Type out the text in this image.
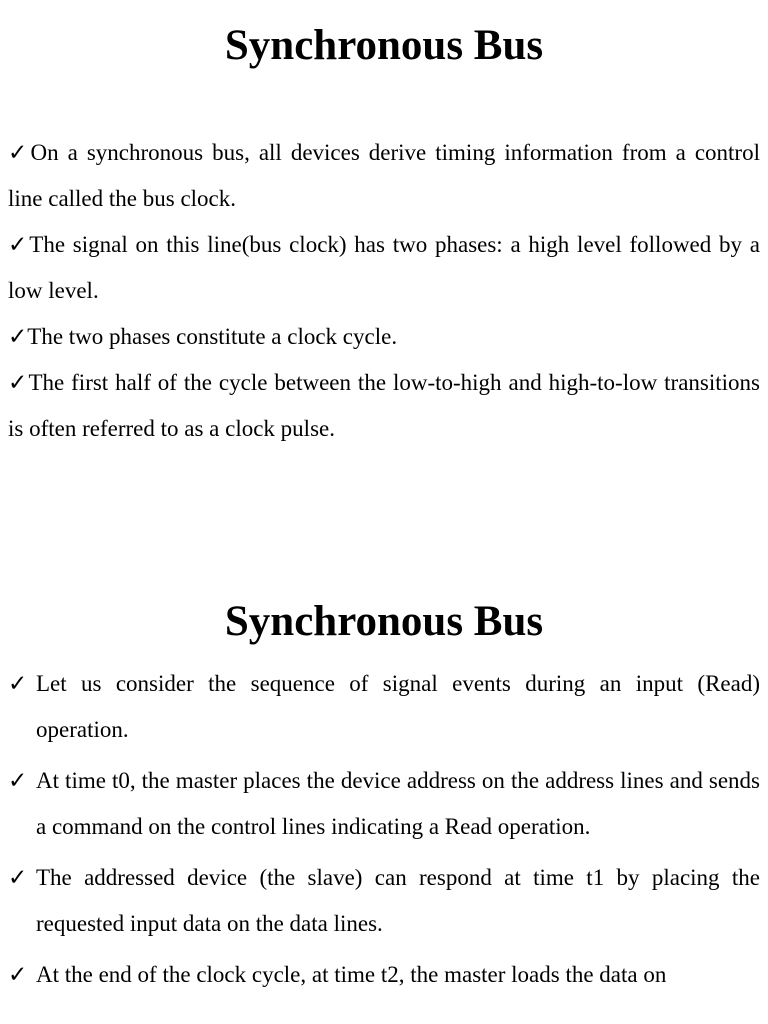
Synchronous Bus
✓On a synchronous bus, all devices derive timing information from a control line called the bus clock.
✓The signal on this line(bus clock) has two phases: a high level followed by a low level.
✓The two phases constitute a clock cycle.
✓The first half of the cycle between the low-to-high and high-to-low transitions is often referred to as a clock pulse.
Synchronous Bus
✓ Let us consider the sequence of signal events during an input (Read) operation.
✓ At time t0, the master places the device address on the address lines and sends a command on the control lines indicating a Read operation.
✓ The addressed device (the slave) can respond at time t1 by placing the requested input data on the data lines.
✓ At the end of the clock cycle, at time t2, the master loads the data on
